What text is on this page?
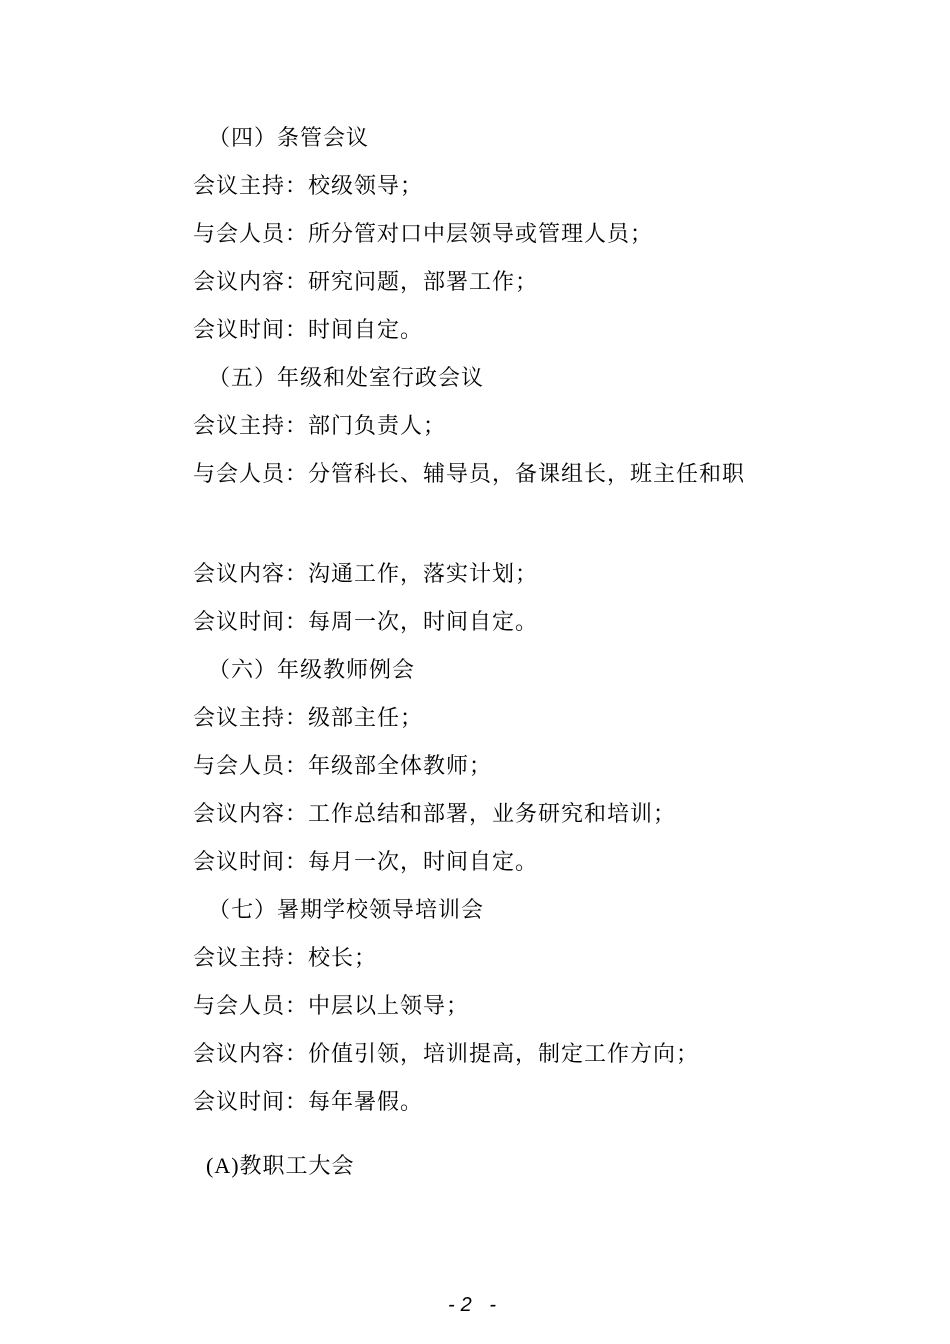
（四）条管会议
会议主持：校级领导；
与会人员：所分管对口中层领导或管理人员；
会议内容：研究问题，部署工作；
会议时间：时间自定。
（五）年级和处室行政会议
会议主持：部门负责人；
与会人员：分管科长、辅导员，备课组长，班主任和职
会议内容：沟通工作，落实计划；
会议时间：每周一次，时间自定。
（六）年级教师例会
会议主持：级部主任；
与会人员：年级部全体教师；
会议内容：工作总结和部署，业务研究和培训；
会议时间：每月一次，时间自定。
（七）暑期学校领导培训会
会议主持：校长；
与会人员：中层以上领导；
会议内容：价值引领，培训提高，制定工作方向；
会议时间：每年暑假。
(A)教职工大会
-2 -
